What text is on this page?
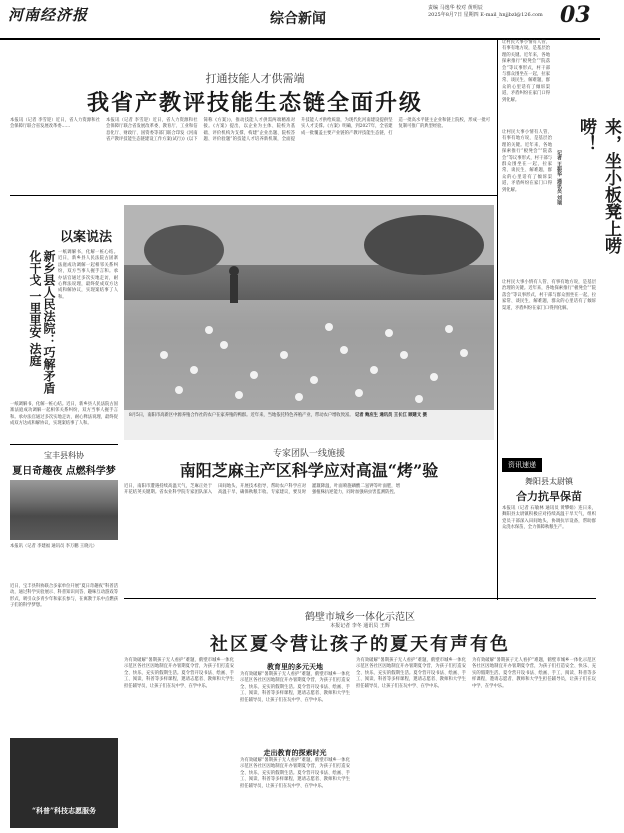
河南经济报	综合新闻
责编 马逸华 校对 黄明辰
2025年8月7日 星期四 E-mail_hnjjbzl@126.com 03
打通技能人才供需端
我省产教评技能生态链全面升级
本报讯（记者 李雪迎）近日，省人力资源和社会保障厅联合省发展改革委……
本报讯（记者 李雪迎）近日，省人力资源和社会保障厅联合省发展改革委、教育厅、工业和信息化厅、财政厅、国资委等部门联合印发《河南省产教评技能生态链建设工作方案(试行)》(以下简称《方案》)，推动技能人才供需两端精准对接。《方案》提出，以企业为主体、院校为基础、评价机构为支撑，构建“企业出题、院校答题、评价验题”的技能人才培养新机制，全面提升技能人才供给质量，为现代化河南建设提供坚实人才支撑。《方案》明确，到2027年，全省建成一批覆盖主要产业链的产教评技能生态链，打造一批高水平链主企业和链上院校，形成一批可复制可推广的典型经验。
让村民大事小情有人管、有事有地方说，是基层治理的关键。近年来，各地探索推行“板凳会”“院落会”等议事形式，村干部与群众围坐在一起，拉家常、谈民生、解难题，群众的心里话有了倾诉渠道，矛盾纠纷在家门口得到化解。
来，坐小板凳上唠唠！
记者 王振华 通讯员 刘瑞
让村民大事小情有人管、有事有地方说，是基层治理的关键。近年来，各地探索推行“板凳会”“院落会”等议事形式，村干部与群众围坐在一起，拉家常、谈民生、解难题，群众的心里话有了倾诉渠道，矛盾纠纷在家门口得到化解。
让村民大事小情有人管、有事有地方说，是基层治理的关键。近年来，各地探索推行“板凳会”“院落会”等议事形式，村干部与群众围坐在一起，拉家常、谈民生、解难题，群众的心里话有了倾诉渠道，矛盾纠纷在家门口得到化解。
资讯速递
舞阳县太尉镇
合力抗旱保苗
本报讯（记者 石敏林 通讯员 黄攀娟）连日来，舞阳县太尉镇积极应对持续高温干旱天气，组织党员干部深入田间地头，协调抗旱设备，帮助群众浇水保苗，全力保障秋粮生产。
以案说法
新乡县人民法院：巧解矛盾化干戈 一里里安 法庭	一纸调解书，化解一桩心结。近日，新乡县人民法院古固寨法庭成功调解一起相邻关系纠纷，双方当事人握手言和。承办法官通过多次实地走访，耐心释法说理，最终促成双方达成和解协议，实现案结事了人和。
一纸调解书，化解一桩心结。近日，新乡县人民法院古固寨法庭成功调解一起相邻关系纠纷，双方当事人握手言和。承办法官通过多次实地走访，耐心释法说理，最终促成双方达成和解协议，实现案结事了人和。
8月5日，南阳市高新区中源养殖合作社的农户在家养殖的鸭群。近年来，当地依托特色养殖产业，带动农户增收致富。 记者 鲍应生 通讯员 王长江 顾建文 摄
专家团队一线施援
南阳芝麻主产区科学应对高温“烤”验
近日，南阳市遭遇持续高温天气，芝麻正处于开花结荚关键期。省农业科学院专家团队深入田间地头，开展技术指导，帮助农户科学应对高温干旱，确保秋粮丰收。专家建议，要及时灌溉降温，叶面喷施磷酸二氢钾等叶面肥，增强植株抗逆能力，同时加强病虫害监测防控。
宝丰县科协
夏日奇趣夜 点燃科学梦
本报讯（记者 李建福 通讯员 李万鹏 王晓元）
近日，宝丰县科协联合多家单位开展“夏日奇趣夜”科普活动，通过科学实验展示、科普知识问答、趣味互动游戏等形式，吸引众多青少年和家长参与，在寓教于乐中点燃孩子们的科学梦想。
“科普”科技志愿服务
鹤壁市城乡一体化示范区
本报记者 李冬 通讯员 王辉
社区夏令营让孩子的夏天有声有色
为有效破解“暑期孩子无人看护”难题，鹤壁市城乡一体化示范区各社区因地制宜开办暑期夏令营，为孩子们打造安全、快乐、充实的假期生活。夏令营开设书法、绘画、手工、阅读、科普等多样课程，邀请志愿者、教师和大学生担任辅导员，让孩子们在玩中学、在学中乐。
教育里的多元天地
为有效破解“暑期孩子无人看护”难题，鹤壁市城乡一体化示范区各社区因地制宜开办暑期夏令营，为孩子们打造安全、快乐、充实的假期生活。夏令营开设书法、绘画、手工、阅读、科普等多样课程，邀请志愿者、教师和大学生担任辅导员，让孩子们在玩中学、在学中乐。
走出教育的探索时光
为有效破解“暑期孩子无人看护”难题，鹤壁市城乡一体化示范区各社区因地制宜开办暑期夏令营，为孩子们打造安全、快乐、充实的假期生活。夏令营开设书法、绘画、手工、阅读、科普等多样课程，邀请志愿者、教师和大学生担任辅导员，让孩子们在玩中学、在学中乐。
为有效破解“暑期孩子无人看护”难题，鹤壁市城乡一体化示范区各社区因地制宜开办暑期夏令营，为孩子们打造安全、快乐、充实的假期生活。夏令营开设书法、绘画、手工、阅读、科普等多样课程，邀请志愿者、教师和大学生担任辅导员，让孩子们在玩中学、在学中乐。
为有效破解“暑期孩子无人看护”难题，鹤壁市城乡一体化示范区各社区因地制宜开办暑期夏令营，为孩子们打造安全、快乐、充实的假期生活。夏令营开设书法、绘画、手工、阅读、科普等多样课程，邀请志愿者、教师和大学生担任辅导员，让孩子们在玩中学、在学中乐。
